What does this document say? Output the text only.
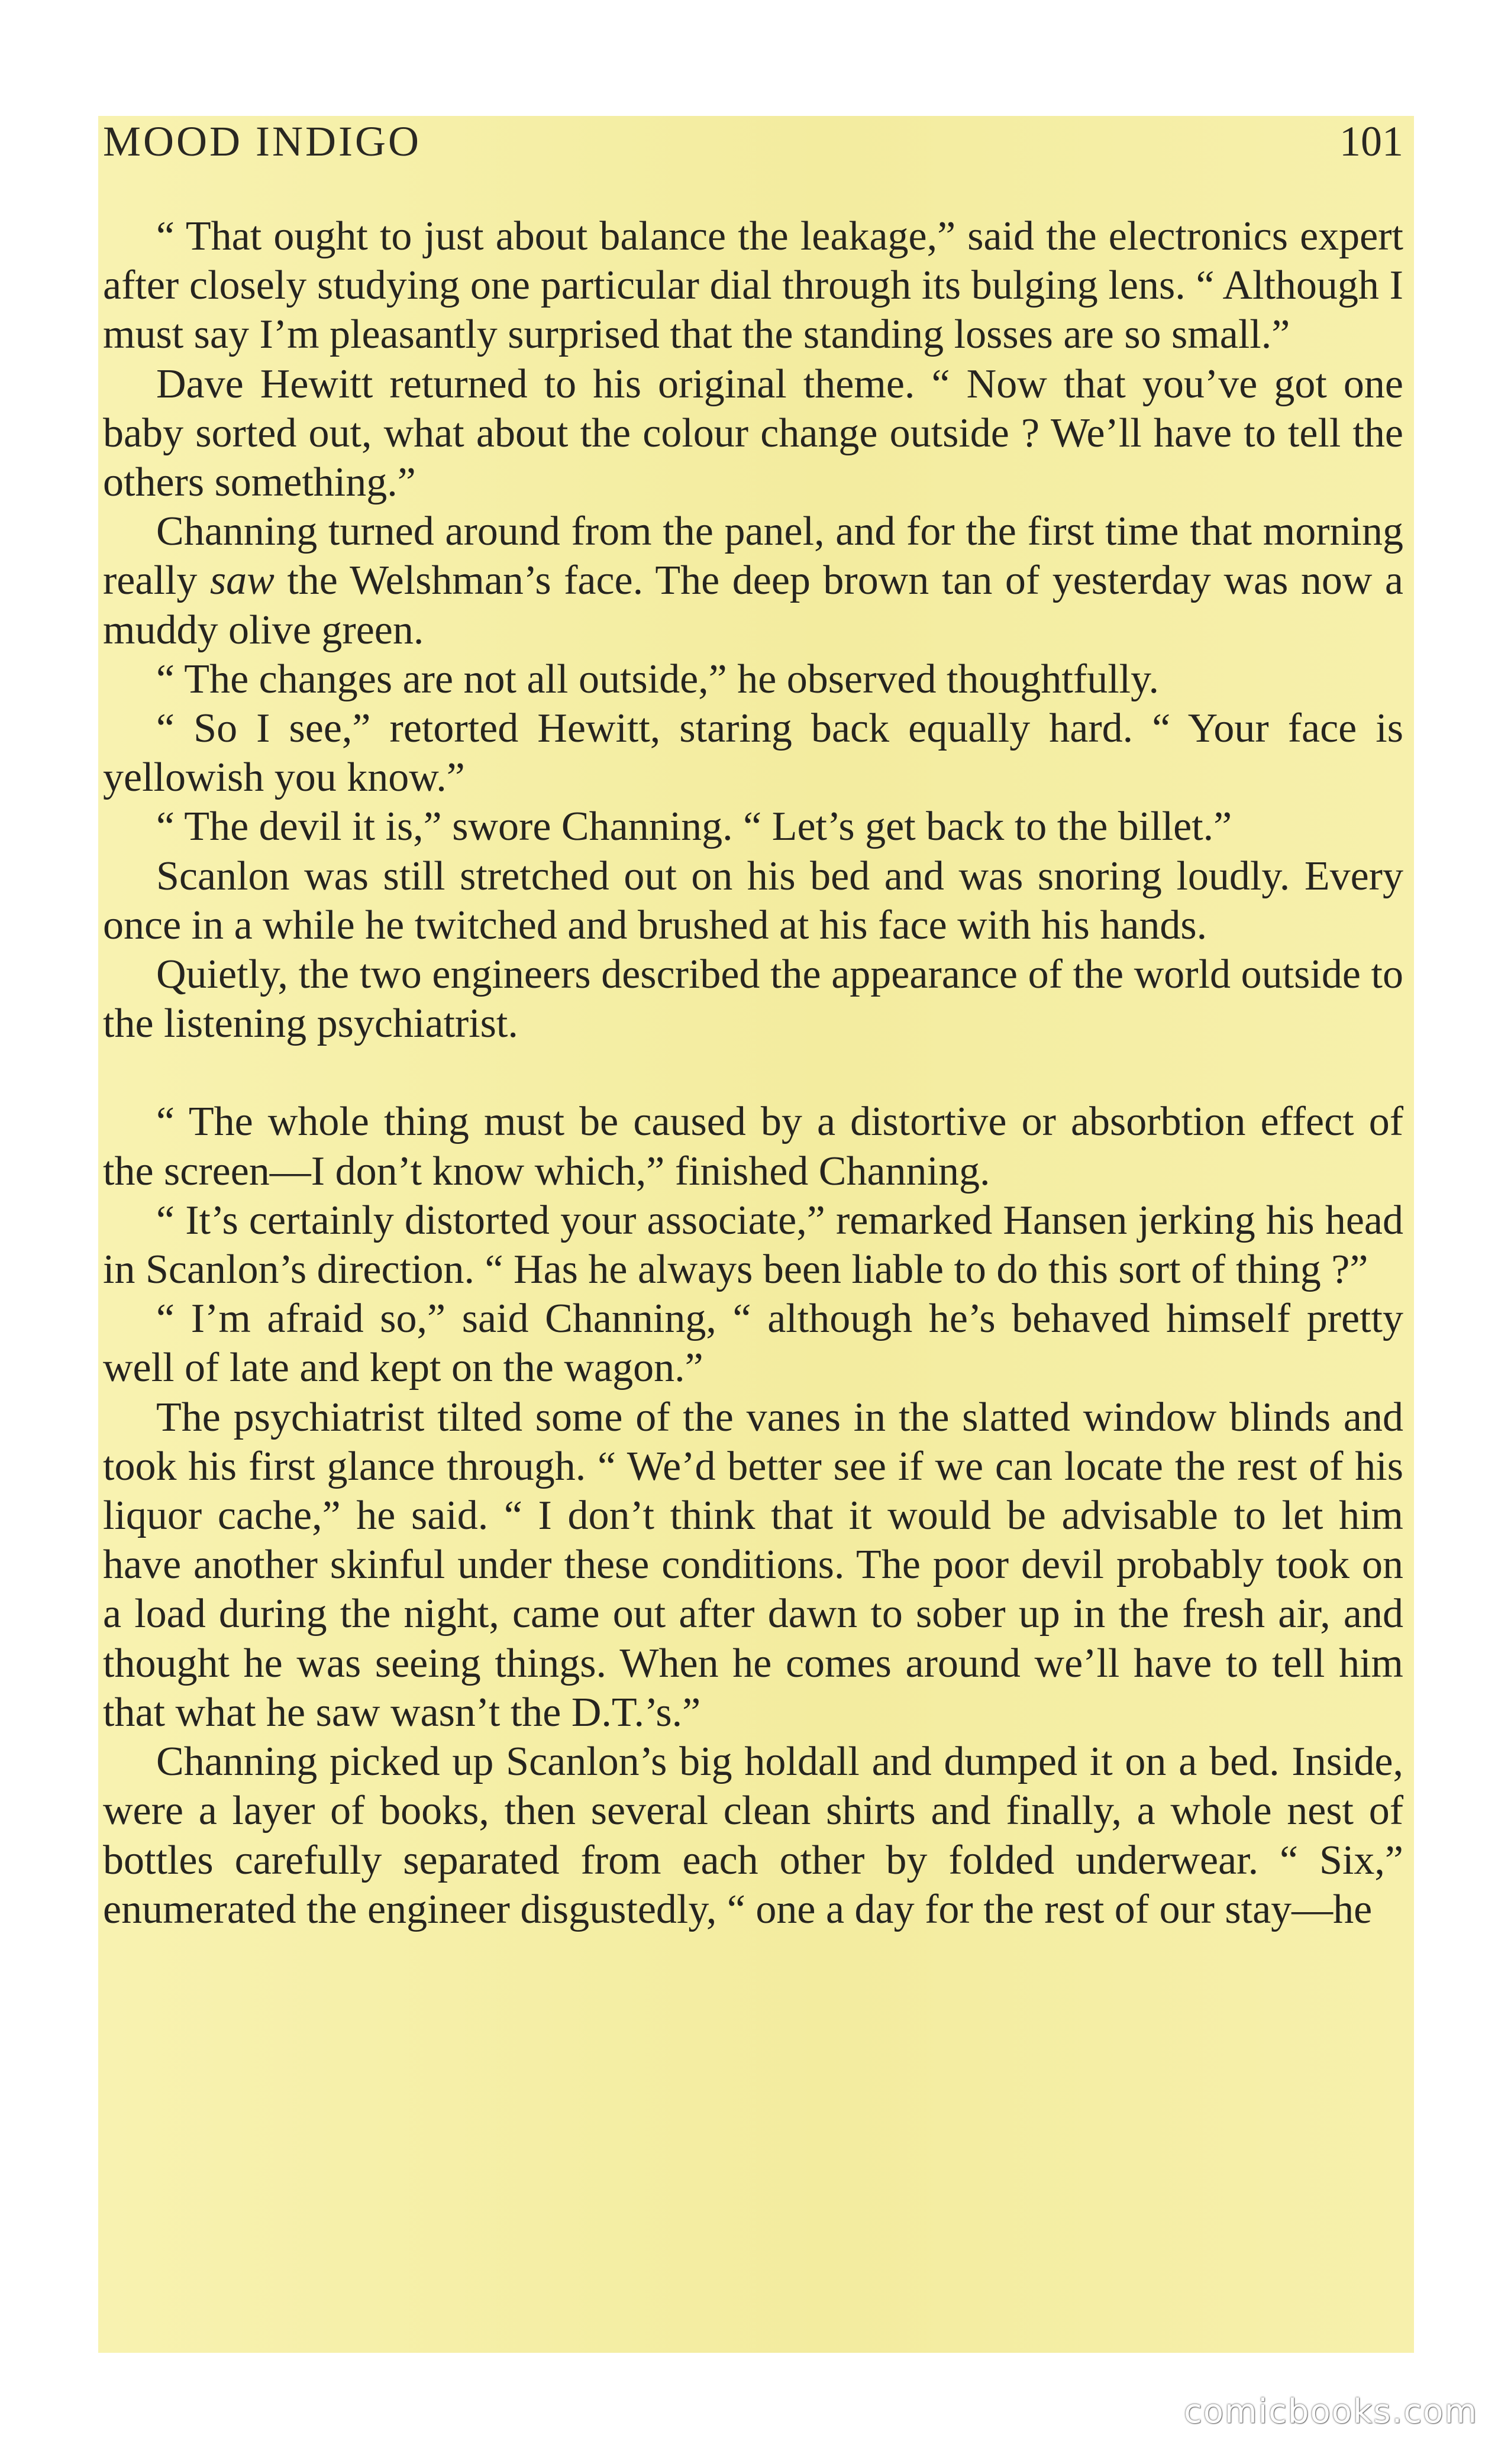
MOOD INDIGO	101

“ That ought to just about balance the leakage,” said the electronics expert after closely studying one particular dial through its bulging lens. “ Although I must say I’m pleasantly surprised that the standing losses are so small.”

Dave Hewitt returned to his original theme. “ Now that you’ve got one baby sorted out, what about the colour change outside ? We’ll have to tell the others something.”

Channing turned around from the panel, and for the first time that morning really saw the Welshman’s face. The deep brown tan of yesterday was now a muddy olive green.

“ The changes are not all outside,” he observed thoughtfully.

“ So I see,” retorted Hewitt, staring back equally hard. “ Your face is yellowish you know.”

“ The devil it is,” swore Channing. “ Let’s get back to the billet.”

Scanlon was still stretched out on his bed and was snoring loudly. Every once in a while he twitched and brushed at his face with his hands.

Quietly, the two engineers described the appearance of the world outside to the listening psychiatrist.

“ The whole thing must be caused by a distortive or absorbtion effect of the screen—I don’t know which,” finished Channing.

“ It’s certainly distorted your associate,” remarked Hansen jerking his head in Scanlon’s direction. “ Has he always been liable to do this sort of thing ?”

“ I’m afraid so,” said Channing, “ although he’s behaved himself pretty well of late and kept on the wagon.”

The psychiatrist tilted some of the vanes in the slatted window blinds and took his first glance through. “ We’d better see if we can locate the rest of his liquor cache,” he said. “ I don’t think that it would be advisable to let him have another skinful under these conditions. The poor devil probably took on a load during the night, came out after dawn to sober up in the fresh air, and thought he was seeing things. When he comes around we’ll have to tell him that what he saw wasn’t the D.T.’s.”

Channing picked up Scanlon’s big holdall and dumped it on a bed. Inside, were a layer of books, then several clean shirts and finally, a whole nest of bottles carefully separated from each other by folded underwear. “ Six,” enumerated the engineer disgustedly, “ one a day for the rest of our stay—he

comicbooks.com
